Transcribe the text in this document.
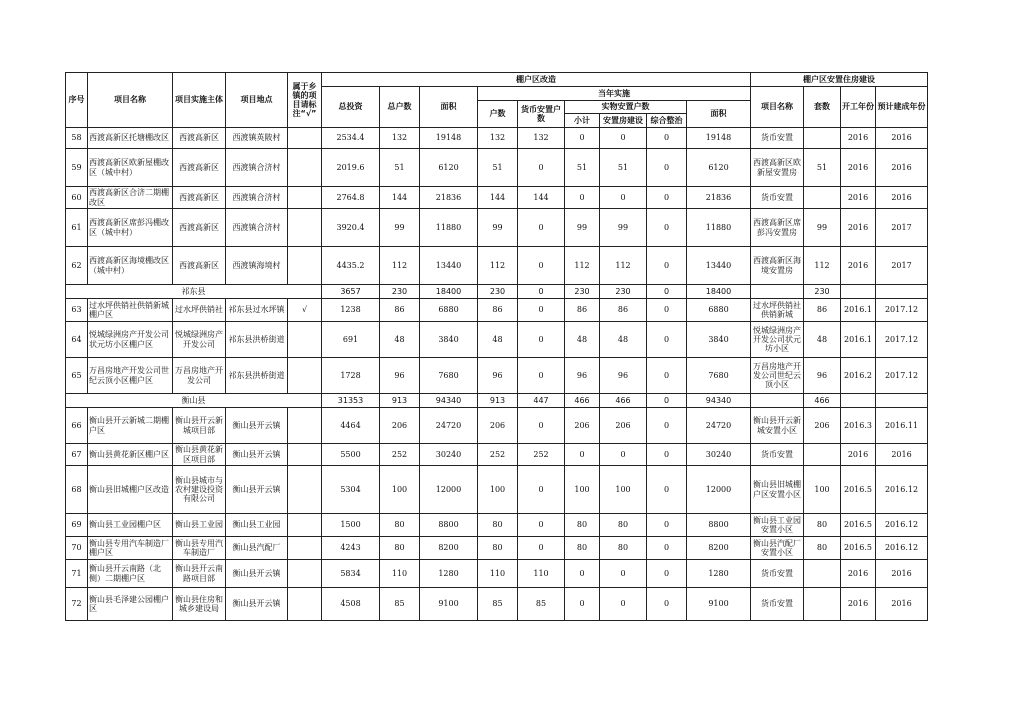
序号	项目名称	项目实施主体	项目地点	属于乡镇的项目请标注“√”	棚户区改造									棚户区安置住房建设			
					总投资	总户数	面积	当年实施						项目名称	套数	开工年份	预计建成年份
								户数	货币安置户数	实物安置户数			面积				
										小计	安置房建设	综合整治					
58	西渡高新区托塘棚改区	西渡高新区	西渡镇英陂村		2534.4	132	19148	132	132	0	0	0	19148	货币安置		2016	2016
59	西渡高新区欧新屋棚改区（城中村）	西渡高新区	西渡镇合济村		2019.6	51	6120	51	0	51	51	0	6120	西渡高新区欧新屋安置房	51	2016	2016
60	西渡高新区合济二期棚改区	西渡高新区	西渡镇合济村		2764.8	144	21836	144	144	0	0	0	21836	货币安置		2016	2016
61	西渡高新区席彭冯棚改区（城中村）	西渡高新区	西渡镇合济村		3920.4	99	11880	99	0	99	99	0	11880	西渡高新区席彭冯安置房	99	2016	2017
62	西渡高新区海境棚改区（城中村）	西渡高新区	西渡镇海境村		4435.2	112	13440	112	0	112	112	0	13440	西渡高新区海境安置房	112	2016	2017
祁东县					3657	230	18400	230	0	230	230	0	18400		230		
63	过水坪供销社供销新城棚户区	过水坪供销社	祁东县过水坪镇	√	1238	86	6880	86	0	86	86	0	6880	过水坪供销社供销新城	86	2016.1	2017.12
64	悦城绿洲房产开发公司状元坊小区棚户区	悦城绿洲房产开发公司	祁东县洪桥街道		691	48	3840	48	0	48	48	0	3840	悦城绿洲房产开发公司状元坊小区	48	2016.1	2017.12
65	万昌房地产开发公司世纪云顶小区棚户区	万昌房地产开发公司	祁东县洪桥街道		1728	96	7680	96	0	96	96	0	7680	万昌房地产开发公司世纪云顶小区	96	2016.2	2017.12
衡山县					31353	913	94340	913	447	466	466	0	94340		466		
66	衡山县开云新城二期棚户区	衡山县开云新城项目部	衡山县开云镇		4464	206	24720	206	0	206	206	0	24720	衡山县开云新城安置小区	206	2016.3	2016.11
67	衡山县黄花新区棚户区	衡山县黄花新区项目部	衡山县开云镇		5500	252	30240	252	252	0	0	0	30240	货币安置		2016	2016
68	衡山县旧城棚户区改造	衡山县城市与农村建设投资有限公司	衡山县开云镇		5304	100	12000	100	0	100	100	0	12000	衡山县旧城棚户区安置小区	100	2016.5	2016.12
69	衡山县工业园棚户区	衡山县工业园	衡山县工业园		1500	80	8800	80	0	80	80	0	8800	衡山县工业园安置小区	80	2016.5	2016.12
70	衡山县专用汽车制造厂棚户区	衡山县专用汽车制造厂	衡山县汽配厂		4243	80	8200	80	0	80	80	0	8200	衡山县汽配厂安置小区	80	2016.5	2016.12
71	衡山县开云南路（北侧）二期棚户区	衡山县开云南路项目部	衡山县开云镇		5834	110	1280	110	110	0	0	0	1280	货币安置		2016	2016
72	衡山县毛泽建公园棚户区	衡山县住房和城乡建设局	衡山县开云镇		4508	85	9100	85	85	0	0	0	9100	货币安置		2016	2016
